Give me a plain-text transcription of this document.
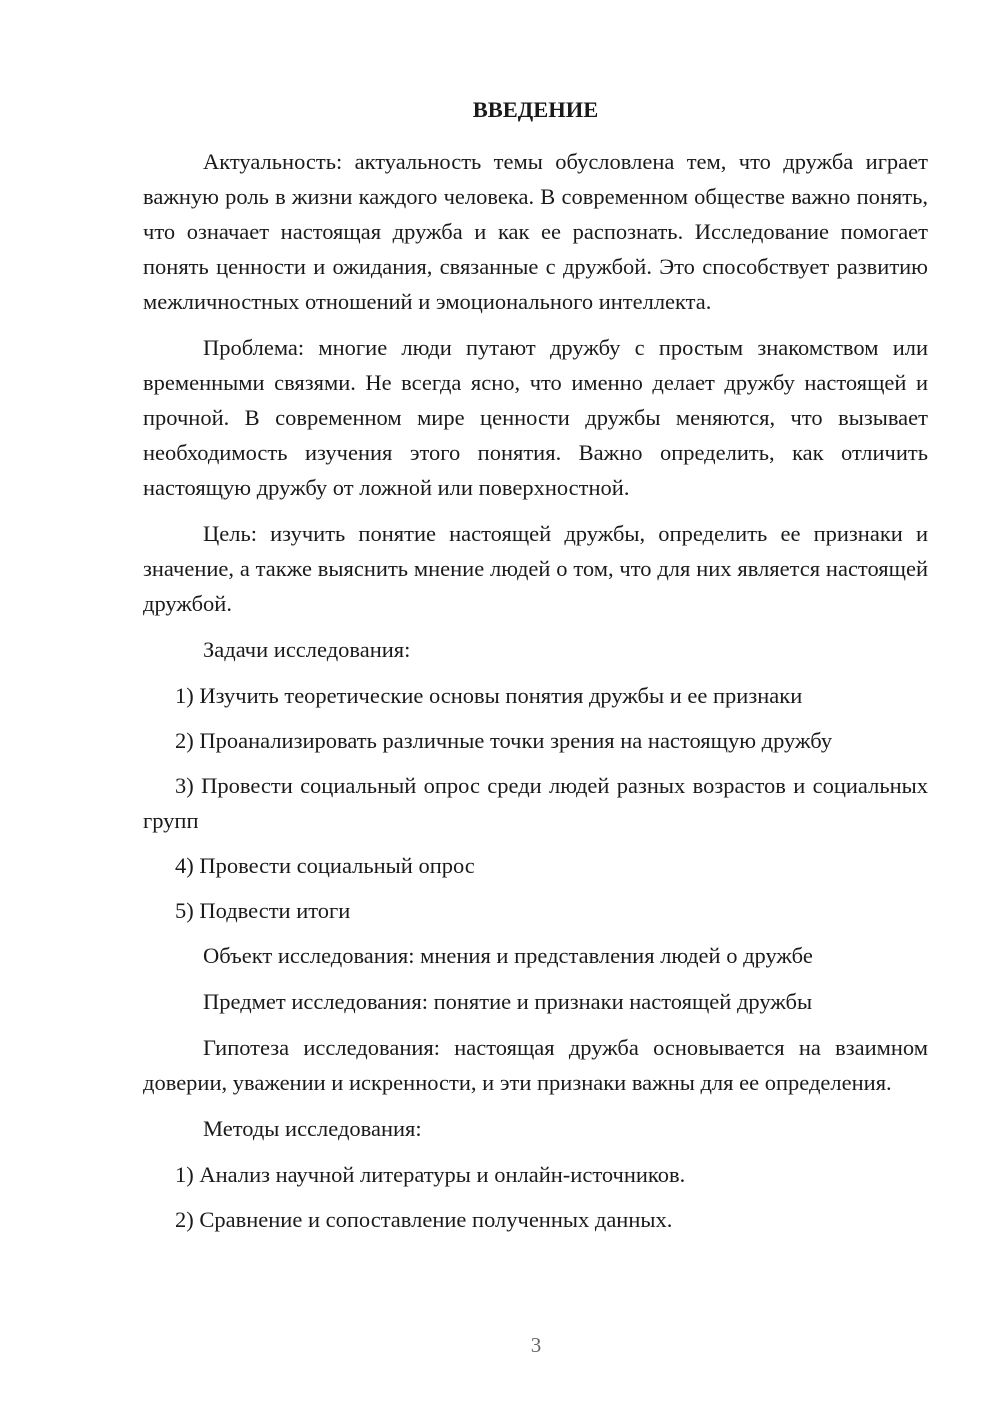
ВВЕДЕНИЕ

Актуальность: актуальность темы обусловлена тем, что дружба играет важную роль в жизни каждого человека. В современном обществе важно понять, что означает настоящая дружба и как ее распознать. Исследование помогает понять ценности и ожидания, связанные с дружбой. Это способствует развитию межличностных отношений и эмоционального интеллекта.

Проблема: многие люди путают дружбу с простым знакомством или временными связями. Не всегда ясно, что именно делает дружбу настоящей и прочной. В современном мире ценности дружбы меняются, что вызывает необходимость изучения этого понятия. Важно определить, как отличить настоящую дружбу от ложной или поверхностной.

Цель: изучить понятие настоящей дружбы, определить ее признаки и значение, а также выяснить мнение людей о том, что для них является настоящей дружбой.

Задачи исследования:

1) Изучить теоретические основы понятия дружбы и ее признаки

2) Проанализировать различные точки зрения на настоящую дружбу

3) Провести социальный опрос среди людей разных возрастов и социальных групп

4) Провести социальный опрос

5) Подвести итоги

Объект исследования: мнения и представления людей о дружбе

Предмет исследования: понятие и признаки настоящей дружбы

Гипотеза исследования: настоящая дружба основывается на взаимном доверии, уважении и искренности, и эти признаки важны для ее определения.

Методы исследования:

1) Анализ научной литературы и онлайн-источников.

2) Сравнение и сопоставление полученных данных.

3
